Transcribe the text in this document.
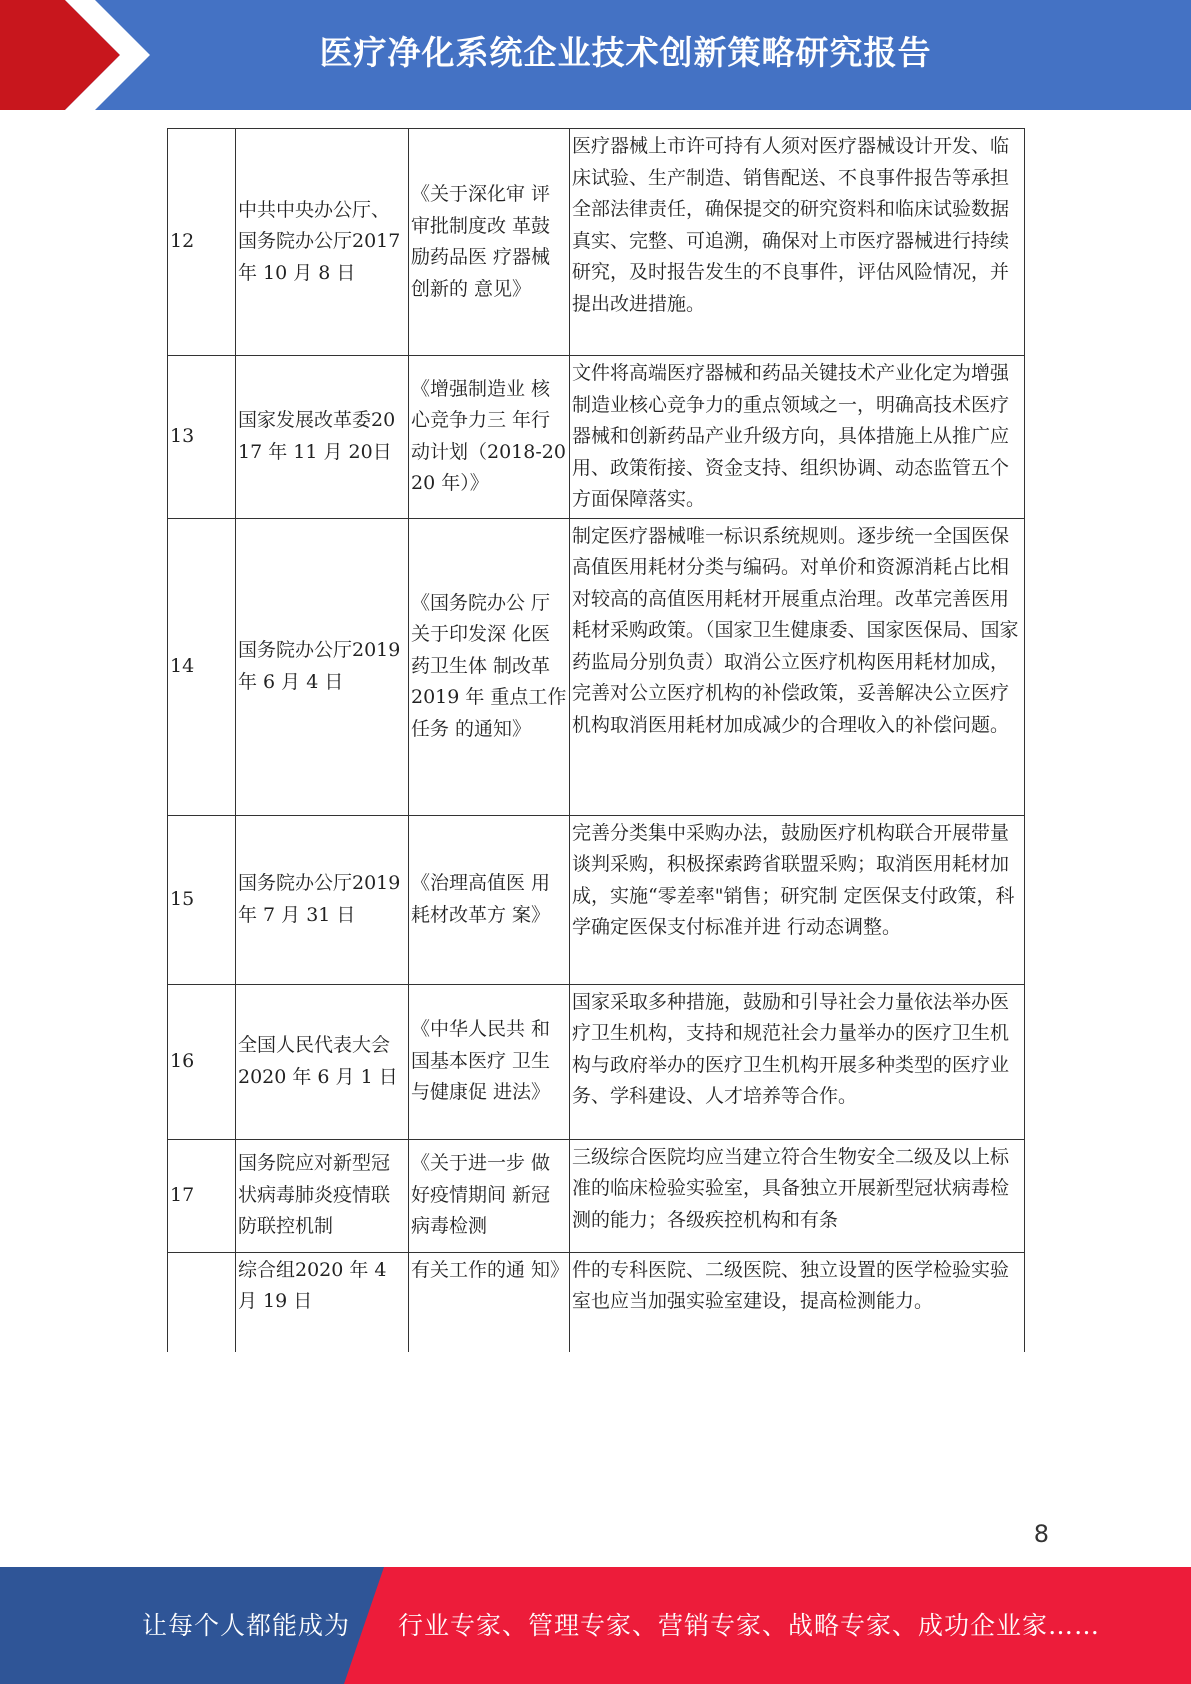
医疗净化系统企业技术创新策略研究报告
12	中共中央办公厅、国务院办公厅2017 年 10 月 8 日	《关于深化审 评审批制度改 革鼓励药品医 疗器械创新的 意见》	医疗器械上市许可持有人须对医疗器械设计开发、临床试验、生产制造、销售配送、不良事件报告等承担全部法律责任，确保提交的研究资料和临床试验数据真实、完整、可追溯，确保对上市医疗器械进行持续研究，及时报告发生的不良事件，评估风险情况，并提出改进措施。
13	国家发展改革委2017 年 11 月 20日	《增强制造业 核心竞争力三 年行动计划（2018-2020 年）》	文件将高端医疗器械和药品关键技术产业化定为增强制造业核心竞争力的重点领域之一，明确高技术医疗器械和创新药品产业升级方向，具体措施上从推广应用、政策衔接、资金支持、组织协调、动态监管五个方面保障落实。
14	国务院办公厅2019 年 6 月 4 日	《国务院办公 厅关于印发深 化医药卫生体 制改革 2019 年 重点工作任务 的通知》	制定医疗器械唯一标识系统规则。逐步统一全国医保高值医用耗材分类与编码。对单价和资源消耗占比相对较高的高值医用耗材开展重点治理。改革完善医用耗材采购政策。（国家卫生健康委、国家医保局、国家药监局分别负责）取消公立医疗机构医用耗材加成，完善对公立医疗机构的补偿政策，妥善解决公立医疗机构取消医用耗材加成减少的合理收入的补偿问题。
15	国务院办公厅2019 年 7 月 31 日	《治理高值医 用耗材改革方 案》	完善分类集中采购办法，鼓励医疗机构联合开展带量谈判采购，积极探索跨省联盟采购；取消医用耗材加成，实施“零差率"销售；研究制 定医保支付政策，科学确定医保支付标准并进 行动态调整。
16	全国人民代表大会 2020 年 6 月 1 日	《中华人民共 和国基本医疗 卫生与健康促 进法》	国家采取多种措施，鼓励和引导社会力量依法举办医疗卫生机构，支持和规范社会力量举办的医疗卫生机构与政府举办的医疗卫生机构开展多种类型的医疗业务、学科建设、人才培养等合作。
17	国务院应对新型冠状病毒肺炎疫情联防联控机制	《关于进一步 做好疫情期间 新冠病毒检测	三级综合医院均应当建立符合生物安全二级及以上标准的临床检验实验室，具备独立开展新型冠状病毒检测的能力；各级疾控机构和有条
	综合组2020 年 4 月 19 日	有关工作的通 知》	件的专科医院、二级医院、独立设置的医学检验实验室也应当加强实验室建设，提高检测能力。
8
让每个人都能成为 行业专家、管理专家、营销专家、战略专家、成功企业家……
